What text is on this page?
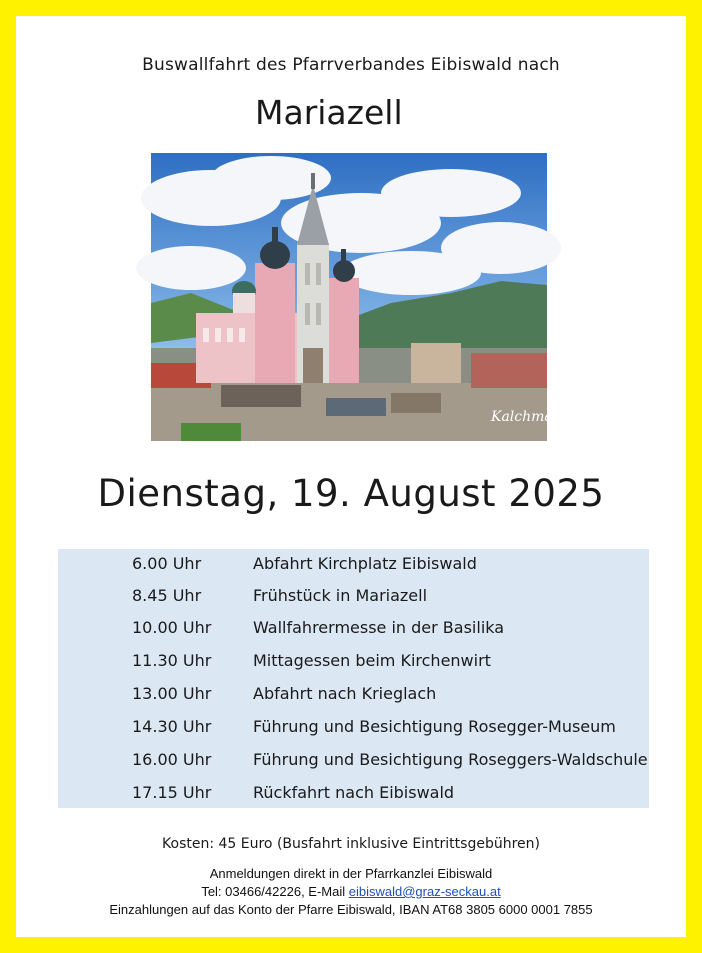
Buswallfahrt des Pfarrverbandes Eibiswald nach
Mariazell
Kalchmann
Dienstag, 19. August 2025
6.00 Uhr	Abfahrt Kirchplatz Eibiswald
8.45 Uhr	Frühstück in Mariazell
10.00 Uhr	Wallfahrermesse in der Basilika
11.30 Uhr	Mittagessen beim Kirchenwirt
13.00 Uhr	Abfahrt nach Krieglach
14.30 Uhr	Führung und Besichtigung Rosegger-Museum
16.00 Uhr	Führung und Besichtigung Roseggers-Waldschule
17.15 Uhr	Rückfahrt nach Eibiswald
Kosten: 45 Euro (Busfahrt inklusive Eintrittsgebühren)
Anmeldungen direkt in der Pfarrkanzlei Eibiswald
Tel: 03466/42226, E-Mail eibiswald@graz-seckau.at
Einzahlungen auf das Konto der Pfarre Eibiswald, IBAN AT68 3805 6000 0001 7855
